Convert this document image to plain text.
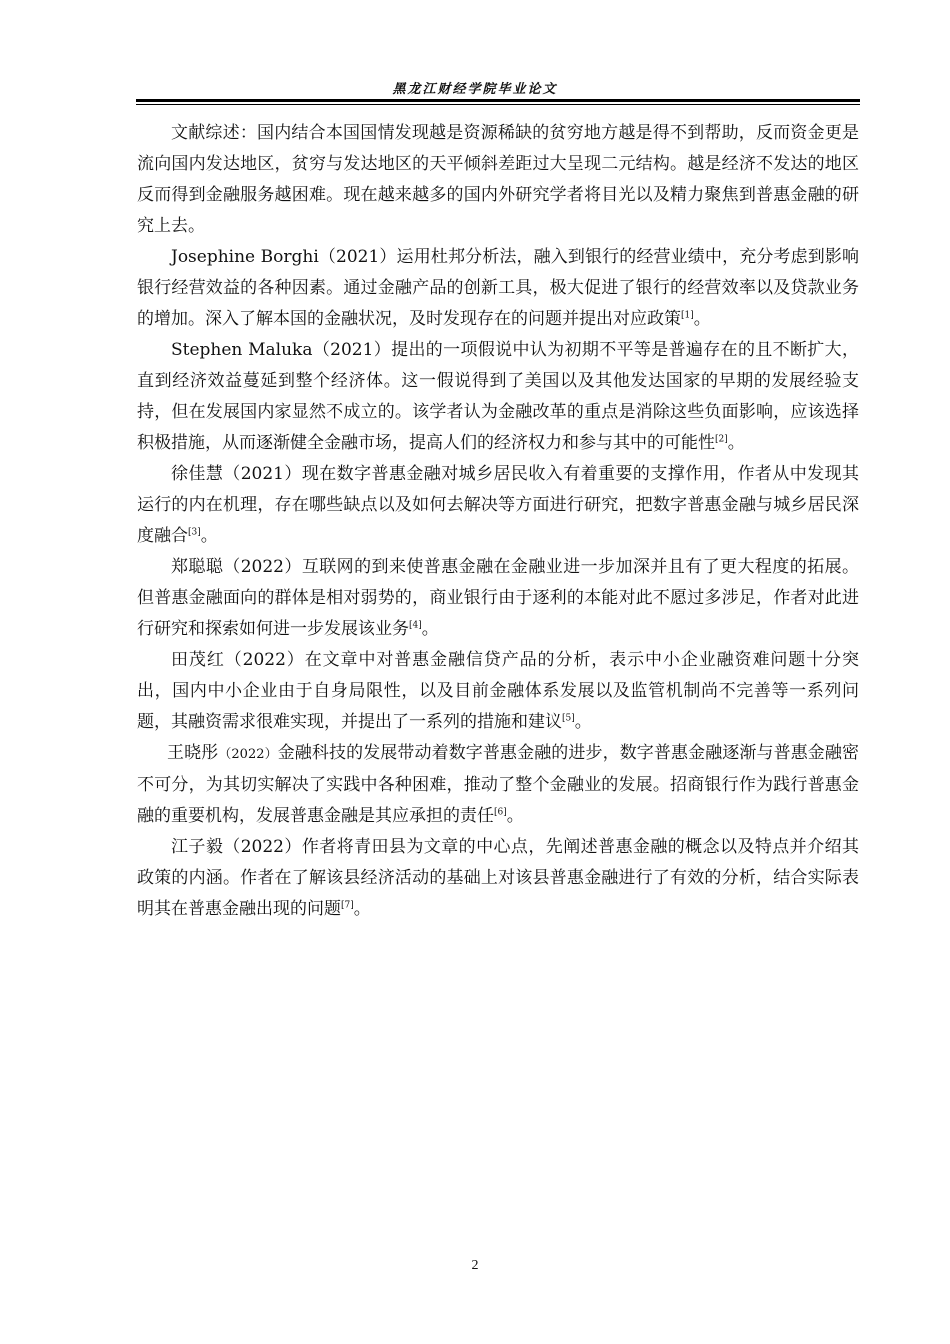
黑龙江财经学院毕业论文

文献综述：国内结合本国国情发现越是资源稀缺的贫穷地方越是得不到帮助，反而资金更是流向国内发达地区，贫穷与发达地区的天平倾斜差距过大呈现二元结构。越是经济不发达的地区反而得到金融服务越困难。现在越来越多的国内外研究学者将目光以及精力聚焦到普惠金融的研究上去。

Josephine Borghi（2021）运用杜邦分析法，融入到银行的经营业绩中，充分考虑到影响银行经营效益的各种因素。通过金融产品的创新工具，极大促进了银行的经营效率以及贷款业务的增加。深入了解本国的金融状况，及时发现存在的问题并提出对应政策[1]。

Stephen Maluka（2021）提出的一项假说中认为初期不平等是普遍存在的且不断扩大，直到经济效益蔓延到整个经济体。这一假说得到了美国以及其他发达国家的早期的发展经验支持，但在发展国内家显然不成立的。该学者认为金融改革的重点是消除这些负面影响，应该选择积极措施，从而逐渐健全金融市场，提高人们的经济权力和参与其中的可能性[2]。

徐佳慧（2021）现在数字普惠金融对城乡居民收入有着重要的支撑作用，作者从中发现其运行的内在机理，存在哪些缺点以及如何去解决等方面进行研究，把数字普惠金融与城乡居民深度融合[3]。

郑聪聪（2022）互联网的到来使普惠金融在金融业进一步加深并且有了更大程度的拓展。但普惠金融面向的群体是相对弱势的，商业银行由于逐利的本能对此不愿过多涉足，作者对此进行研究和探索如何进一步发展该业务[4]。

田茂红（2022）在文章中对普惠金融信贷产品的分析，表示中小企业融资难问题十分突出，国内中小企业由于自身局限性，以及目前金融体系发展以及监管机制尚不完善等一系列问题，其融资需求很难实现，并提出了一系列的措施和建议[5]。

王晓彤（2022）金融科技的发展带动着数字普惠金融的进步，数字普惠金融逐渐与普惠金融密不可分，为其切实解决了实践中各种困难，推动了整个金融业的发展。招商银行作为践行普惠金融的重要机构，发展普惠金融是其应承担的责任[6]。

江子毅（2022）作者将青田县为文章的中心点，先阐述普惠金融的概念以及特点并介绍其政策的内涵。作者在了解该县经济活动的基础上对该县普惠金融进行了有效的分析，结合实际表明其在普惠金融出现的问题[7]。

2
